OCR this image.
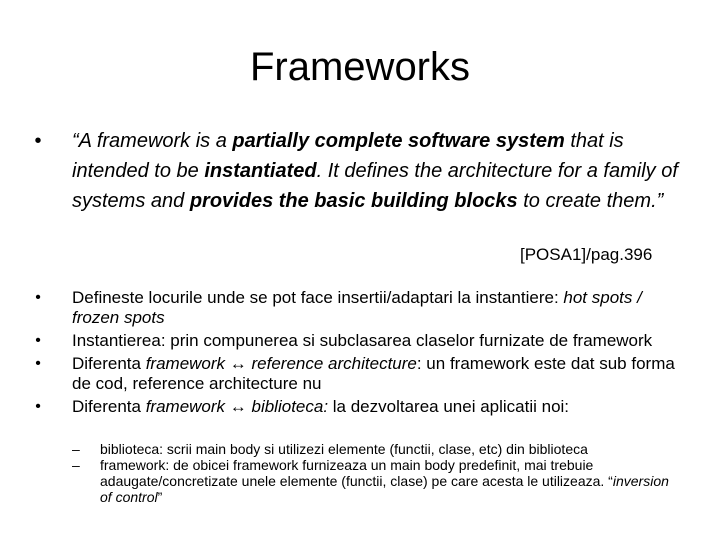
Frameworks
•	“A framework is a partially complete software system that is intended to be instantiated. It defines the architecture for a family of systems and provides the basic building blocks to create them.”
[POSA1]/pag.396
•	Defineste locurile unde se pot face insertii/adaptari la instantiere: hot spots / frozen spots
•	Instantierea: prin compunerea si subclasarea claselor furnizate de framework
•	Diferenta framework ↔ reference architecture: un framework este dat sub forma de cod, reference architecture nu
•	Diferenta framework ↔ biblioteca: la dezvoltarea unei aplicatii noi:
– biblioteca: scrii main body si utilizezi elemente (functii, clase, etc) din biblioteca
– framework: de obicei framework furnizeaza un main body predefinit, mai trebuie adaugate/concretizate unele elemente (functii, clase) pe care acesta le utilizeaza. “inversion of control”
